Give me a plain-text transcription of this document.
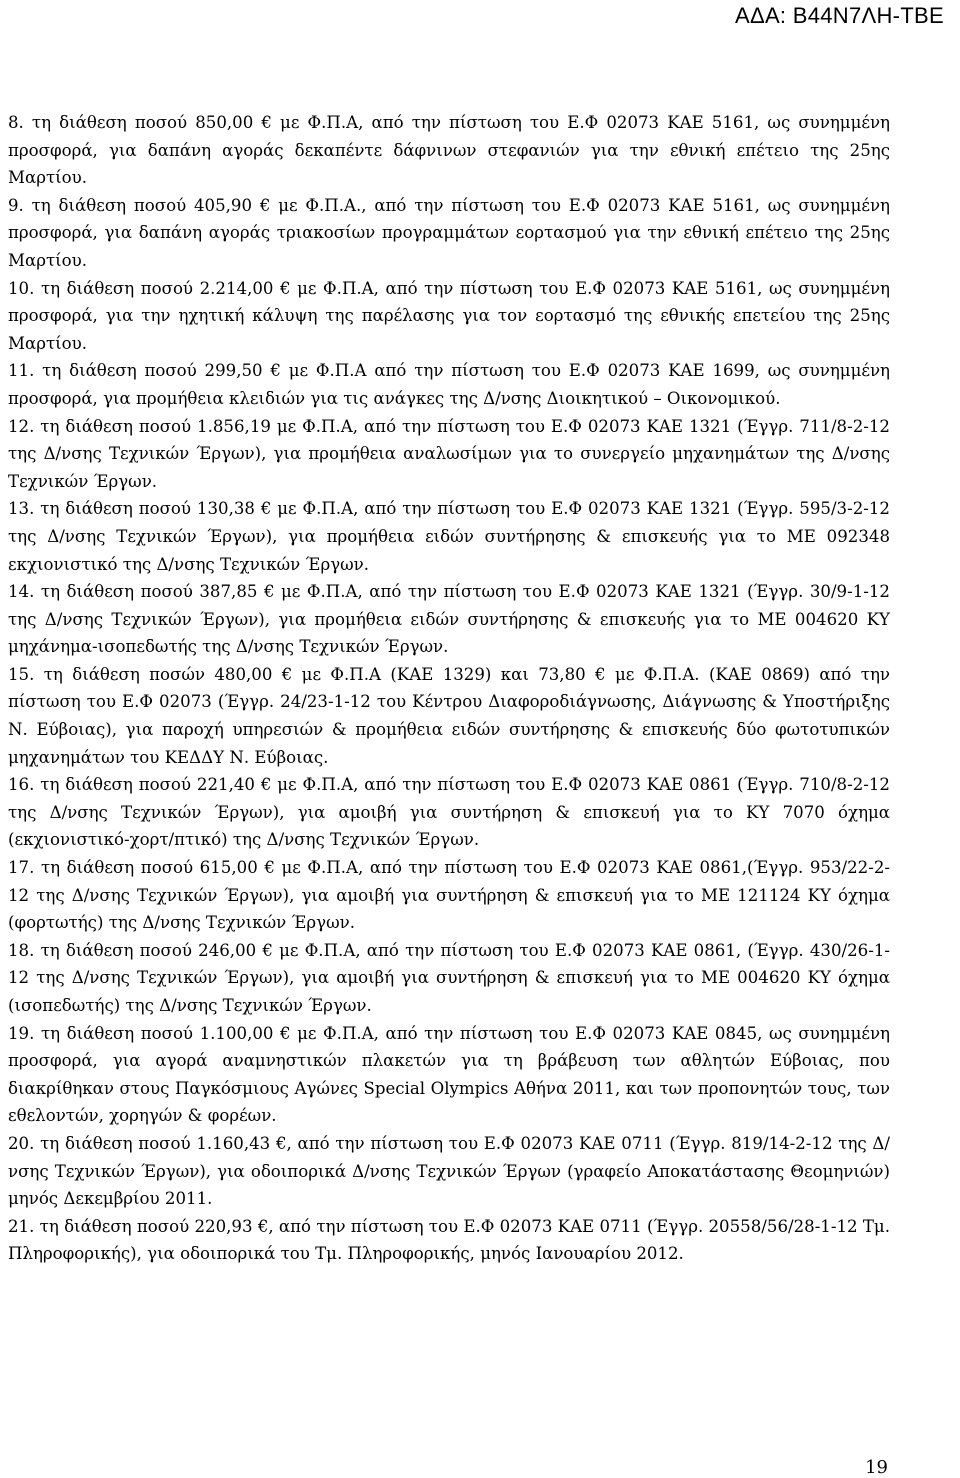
ΑΔΑ: Β44Ν7ΛΗ-ΤΒΕ

8. τη διάθεση ποσού 850,00 € με Φ.Π.Α, από την πίστωση του Ε.Φ 02073 ΚΑΕ 5161, ως συνημμένη προσφορά, για δαπάνη αγοράς δεκαπέντε δάφνινων στεφανιών για την εθνική επέτειο της 25ης Μαρτίου.

9. τη διάθεση ποσού 405,90 € με Φ.Π.Α., από την πίστωση του Ε.Φ 02073 ΚΑΕ 5161, ως συνημμένη προσφορά, για δαπάνη αγοράς τριακοσίων προγραμμάτων εορτασμού για την εθνική επέτειο της 25ης Μαρτίου.

10. τη διάθεση ποσού 2.214,00 € με Φ.Π.Α, από την πίστωση του Ε.Φ 02073 ΚΑΕ 5161, ως συνημμένη προσφορά, για την ηχητική κάλυψη της παρέλασης για τον εορτασμό της εθνικής επετείου της 25ης Μαρτίου.

11. τη διάθεση ποσού 299,50 € με Φ.Π.Α από την πίστωση του Ε.Φ 02073 ΚΑΕ 1699, ως συνημμένη προσφορά, για προμήθεια κλειδιών για τις ανάγκες της Δ/νσης Διοικητικού – Οικονομικού.

12. τη διάθεση ποσού 1.856,19 με Φ.Π.Α, από την πίστωση του Ε.Φ 02073 ΚΑΕ 1321 (Έγγρ. 711/8-2-12 της Δ/νσης Τεχνικών Έργων), για προμήθεια αναλωσίμων για το συνεργείο μηχανημάτων της Δ/νσης Τεχνικών Έργων.

13. τη διάθεση ποσού 130,38 € με Φ.Π.Α, από την πίστωση του Ε.Φ 02073 ΚΑΕ 1321 (Έγγρ. 595/3-2-12 της Δ/νσης Τεχνικών Έργων), για προμήθεια ειδών συντήρησης & επισκευής για το ΜΕ 092348 εκχιονιστικό της Δ/νσης Τεχνικών Έργων.

14. τη διάθεση ποσού 387,85 € με Φ.Π.Α, από την πίστωση του Ε.Φ 02073 ΚΑΕ 1321 (Έγγρ. 30/9-1-12 της Δ/νσης Τεχνικών Έργων), για προμήθεια ειδών συντήρησης & επισκευής για το ΜΕ 004620 ΚΥ μηχάνημα-ισοπεδωτής της Δ/νσης Τεχνικών Έργων.

15. τη διάθεση ποσών 480,00 € με Φ.Π.Α (ΚΑΕ 1329) και 73,80 € με Φ.Π.Α. (ΚΑΕ 0869) από την πίστωση του Ε.Φ 02073 (Έγγρ. 24/23-1-12 του Κέντρου Διαφοροδιάγνωσης, Διάγνωσης & Υποστήριξης Ν. Εύβοιας), για παροχή υπηρεσιών & προμήθεια ειδών συντήρησης & επισκευής δύο φωτοτυπικών μηχανημάτων του ΚΕΔΔΥ Ν. Εύβοιας.

16. τη διάθεση ποσού 221,40 € με Φ.Π.Α, από την πίστωση του Ε.Φ 02073 ΚΑΕ 0861 (Έγγρ. 710/8-2-12 της Δ/νσης Τεχνικών Έργων), για αμοιβή για συντήρηση & επισκευή για το ΚΥ 7070 όχημα (εκχιονιστικό-χορτ/πτικό) της Δ/νσης Τεχνικών Έργων.

17. τη διάθεση ποσού 615,00 € με Φ.Π.Α, από την πίστωση του Ε.Φ 02073 ΚΑΕ 0861,(Έγγρ. 953/22-2-12 της Δ/νσης Τεχνικών Έργων), για αμοιβή για συντήρηση & επισκευή για το ΜΕ 121124 ΚΥ όχημα (φορτωτής) της Δ/νσης Τεχνικών Έργων.

18. τη διάθεση ποσού 246,00 € με Φ.Π.Α, από την πίστωση του Ε.Φ 02073 ΚΑΕ 0861, (Έγγρ. 430/26-1-12 της Δ/νσης Τεχνικών Έργων), για αμοιβή για συντήρηση & επισκευή για το ΜΕ 004620 ΚΥ όχημα (ισοπεδωτής) της Δ/νσης Τεχνικών Έργων.

19. τη διάθεση ποσού 1.100,00 € με Φ.Π.Α, από την πίστωση του Ε.Φ 02073 ΚΑΕ 0845, ως συνημμένη προσφορά, για αγορά αναμνηστικών πλακετών για τη βράβευση των αθλητών Εύβοιας, που διακρίθηκαν στους Παγκόσμιους Αγώνες Special Olympics Αθήνα 2011, και των προπονητών τους, των εθελοντών, χορηγών & φορέων.

20. τη διάθεση ποσού 1.160,43 €, από την πίστωση του Ε.Φ 02073 ΚΑΕ 0711 (Έγγρ. 819/14-2-12 της Δ/νσης Τεχνικών Έργων), για οδοιπορικά Δ/νσης Τεχνικών Έργων (γραφείο Αποκατάστασης Θεομηνιών) μηνός Δεκεμβρίου 2011.

21. τη διάθεση ποσού 220,93 €, από την πίστωση του Ε.Φ 02073 ΚΑΕ 0711 (Έγγρ. 20558/56/28-1-12 Τμ. Πληροφορικής), για οδοιπορικά του Τμ. Πληροφορικής, μηνός Ιανουαρίου 2012.

19
